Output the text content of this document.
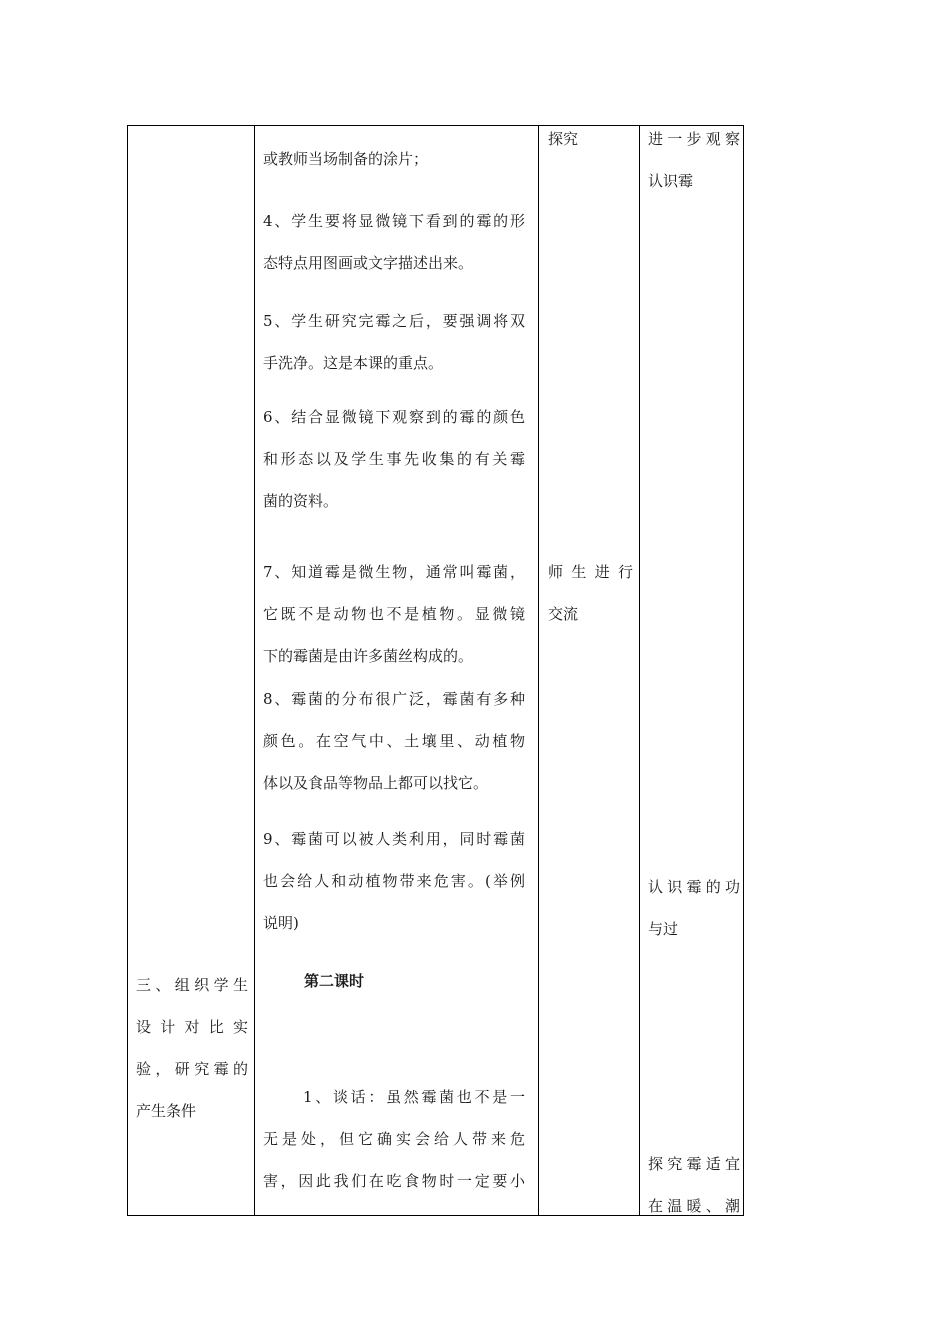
或教师当场制备的涂片；
4、学生要将显微镜下看到的霉的形
态特点用图画或文字描述出来。
5、学生研究完霉之后，要强调将双
手洗净。这是本课的重点。
6、结合显微镜下观察到的霉的颜色
和形态以及学生事先收集的有关霉
菌的资料。
7、知道霉是微生物，通常叫霉菌，
它既不是动物也不是植物。显微镜
下的霉菌是由许多菌丝构成的。
8、霉菌的分布很广泛，霉菌有多种
颜色。在空气中、土壤里、动植物
体以及食品等物品上都可以找它。
9、霉菌可以被人类利用，同时霉菌
也会给人和动植物带来危害。(举例
说明)
第二课时
1、谈话：虽然霉菌也不是一
无是处，但它确实会给人带来危
害，因此我们在吃食物时一定要小
三、组织学生
设计对比实
验，研究霉的
产生条件
探究
师生进行
交流
进一步观察
认识霉
认识霉的功
与过
探究霉适宜
在温暖、潮
